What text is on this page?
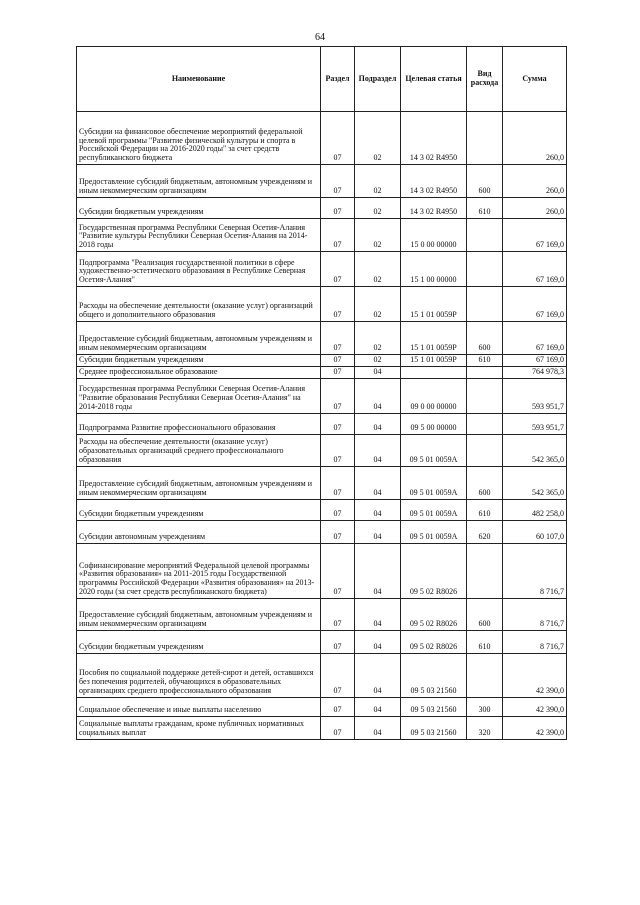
64
Наименование	Раздел	Подраздел	Целевая статья	Вид расхода	Сумма
Субсидии на финансовое обеспечение мероприятий федеральной целевой программы "Развитие физической культуры и спорта в Российской Федерации на 2016-2020 годы" за счет средств республиканского бюджета	07	02	14 3 02 R4950		260,0
Предоставление субсидий бюджетным, автономным учреждениям и иным некоммерческим организациям	07	02	14 3 02 R4950	600	260,0
Субсидии бюджетным учреждениям	07	02	14 3 02 R4950	610	260,0
Государственная программа Республики Северная Осетия-Алания "Развитие культуры Республики Северная Осетия-Алания на 2014-2018 годы	07	02	15 0 00 00000		67 169,0
Подпрограмма "Реализация государственной политики в сфере художественно-эстетического образования в Республике Северная Осетия-Алания"	07	02	15 1 00 00000		67 169,0
Расходы на обеспечение деятельности (оказание услуг) организаций общего и дополнительного образования	07	02	15 1 01 0059Р		67 169,0
Предоставление субсидий бюджетным, автономным учреждениям и иным некоммерческим организациям	07	02	15 1 01 0059Р	600	67 169,0
Субсидии бюджетным учреждениям	07	02	15 1 01 0059Р	610	67 169,0
Среднее профессиональное образование	07	04			764 978,3
Государственная программа Республики Северная Осетия-Алания "Развитие образования Республики Северная Осетия-Алания" на 2014-2018 годы	07	04	09 0 00 00000		593 951,7
Подпрограмма Развитие профессионального образования	07	04	09 5 00 00000		593 951,7
Расходы на обеспечение деятельности (оказание услуг) образовательных организаций среднего профессионального образования	07	04	09 5 01 0059А		542 365,0
Предоставление субсидий бюджетным, автономным учреждениям и иным некоммерческим организациям	07	04	09 5 01 0059А	600	542 365,0
Субсидии бюджетным учреждениям	07	04	09 5 01 0059А	610	482 258,0
Субсидии автономным учреждениям	07	04	09 5 01 0059А	620	60 107,0
Софинансирование мероприятий Федеральной целевой программы «Развития образования» на 2011-2015 годы Государственной программы Российской Федерации «Развития образования» на 2013-2020 годы (за счет средств республиканского бюджета)	07	04	09 5 02 R8026		8 716,7
Предоставление субсидий бюджетным, автономным учреждениям и иным некоммерческим организациям	07	04	09 5 02 R8026	600	8 716,7
Субсидии бюджетным учреждениям	07	04	09 5 02 R8026	610	8 716,7
Пособия по социальной поддержке детей-сирот и детей, оставшихся без попечения родителей, обучающихся в образовательных организациях среднего профессионального образования	07	04	09 5 03 21560		42 390,0
Социальное обеспечение и иные выплаты населению	07	04	09 5 03 21560	300	42 390,0
Социальные выплаты гражданам, кроме публичных нормативных социальных выплат	07	04	09 5 03 21560	320	42 390,0
